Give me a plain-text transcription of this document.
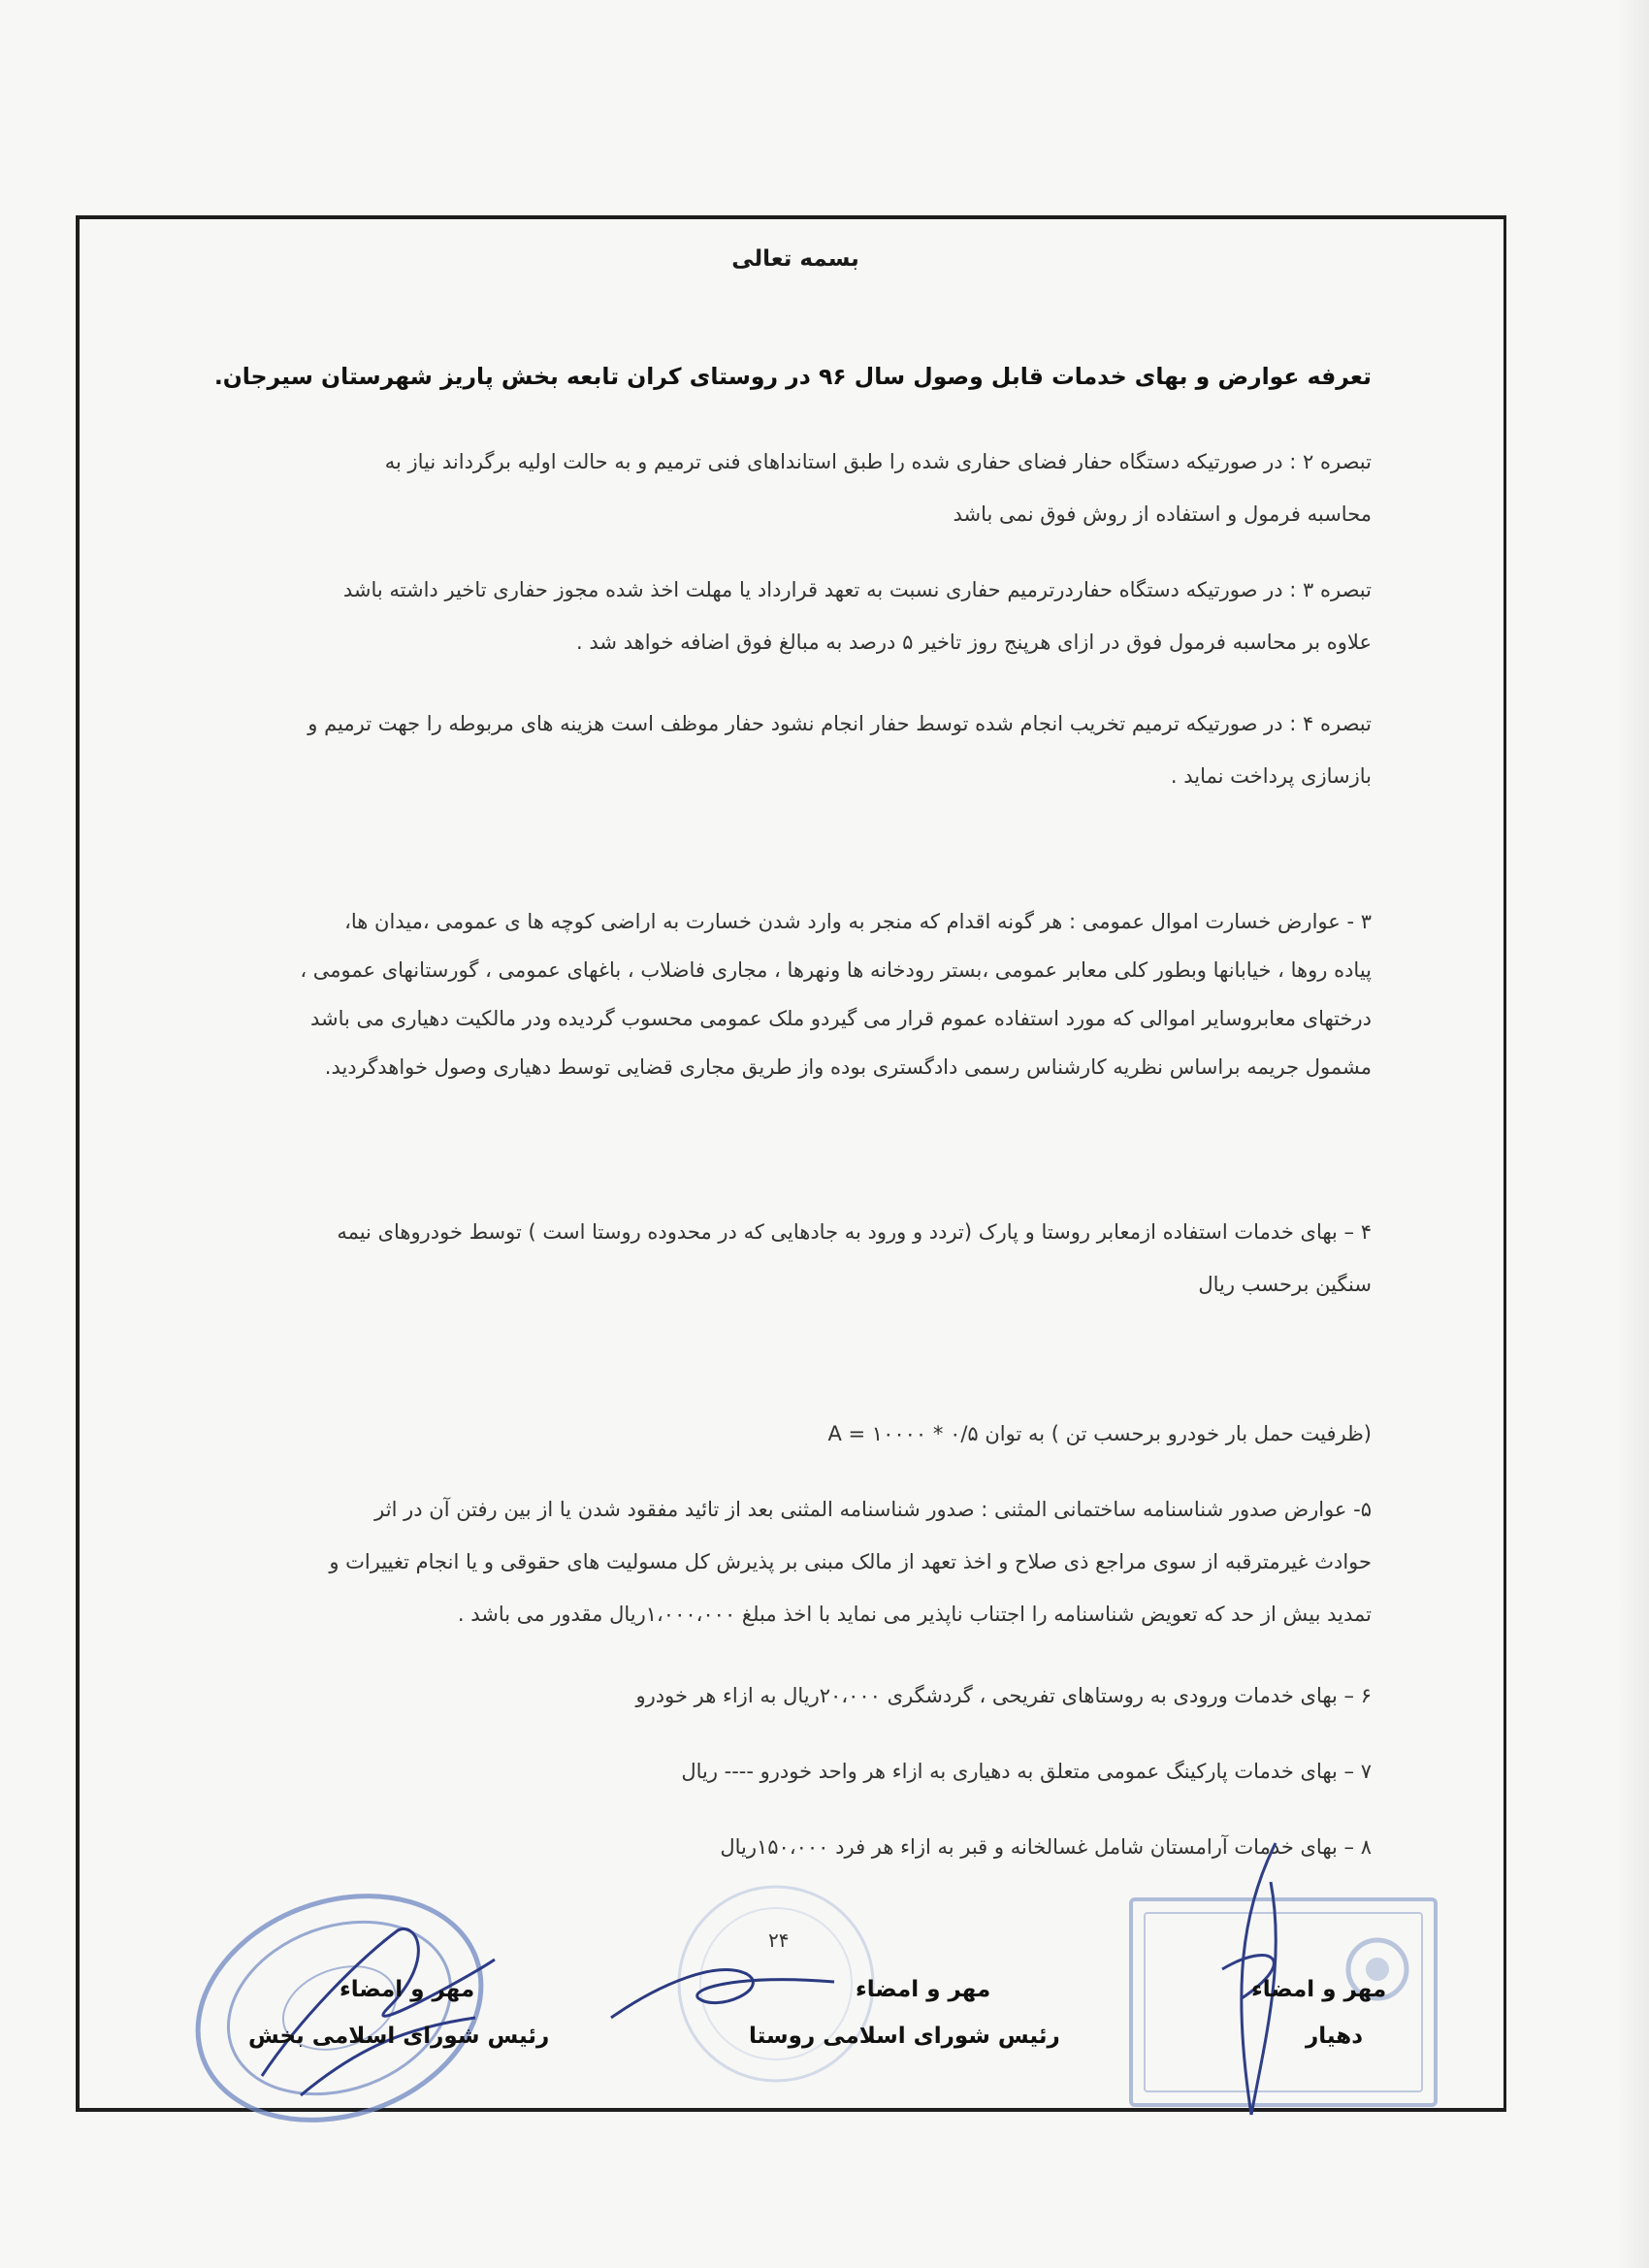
بسمه تعالی
تعرفه عوارض و بهای خدمات قابل وصول سال ۹۶ در روستای کران تابعه بخش پاریز شهرستان سیرجان.
تبصره ۲ : در صورتیکه دستگاه حفار فضای حفاری شده را طبق استانداهای فنی ترمیم و به حالت اولیه برگرداند نیاز به
محاسبه فرمول و استفاده از روش فوق نمی باشد
تبصره ۳ : در صورتیکه دستگاه حفاردرترمیم حفاری نسبت به تعهد قرارداد یا مهلت اخذ شده مجوز حفاری تاخیر داشته باشد
علاوه بر محاسبه فرمول فوق در ازای هرپنج روز تاخیر ۵ درصد به مبالغ فوق اضافه خواهد شد .
تبصره ۴ : در صورتیکه ترمیم تخریب انجام شده توسط حفار انجام نشود حفار موظف است هزینه های مربوطه را جهت ترمیم و
بازسازی پرداخت نماید .
۳ - عوارض خسارت اموال عمومی : هر گونه اقدام که منجر به وارد شدن خسارت به اراضی کوچه ها ی عمومی ،میدان ها،
پیاده روها ، خیابانها وبطور کلی معابر عمومی ،بستر رودخانه ها ونهرها ، مجاری فاضلاب ، باغهای عمومی ، گورستانهای عمومی ،
درختهای معابروسایر اموالی که مورد استفاده عموم قرار می گیردو ملک عمومی محسوب گردیده ودر مالکیت دهیاری می باشد
مشمول جریمه براساس نظریه کارشناس رسمی دادگستری بوده واز طریق مجاری قضایی توسط دهیاری وصول خواهدگردید.
۴ – بهای خدمات استفاده ازمعابر روستا و پارک (تردد و ورود به جادهایی که در محدوده روستا است ) توسط خودروهای نیمه
سنگین برحسب ریال
(ظرفیت حمل بار خودرو برحسب تن ) به توان ۰/۵ * ۱۰۰۰۰ = A
۵- عوارض صدور شناسنامه ساختمانی المثنی : صدور شناسنامه المثنی بعد از تائید مفقود شدن یا از بین رفتن آن در اثر
حوادث غیرمترقبه از سوی مراجع ذی صلاح و اخذ تعهد از مالک مبنی بر پذیرش کل مسولیت های حقوقی و یا انجام تغییرات و
تمدید بیش از حد که تعویض شناسنامه را اجتناب ناپذیر می نماید با اخذ مبلغ ۱،۰۰۰،۰۰۰ریال مقدور می باشد .
۶ – بهای خدمات ورودی به روستاهای تفریحی ، گردشگری ۲۰،۰۰۰ریال به ازاء هر خودرو
۷ – بهای خدمات پارکینگ عمومی متعلق به دهیاری به ازاء هر واحد خودرو ---- ریال
۸ – بهای خدمات آرامستان شامل غسالخانه و قبر به ازاء هر فرد ۱۵۰،۰۰۰ریال
۲۴
مهر و امضاء
دهیار
مهر و امضاء
رئیس شورای اسلامی روستا
مهر و امضاء
رئیس شورای اسلامی بخش
